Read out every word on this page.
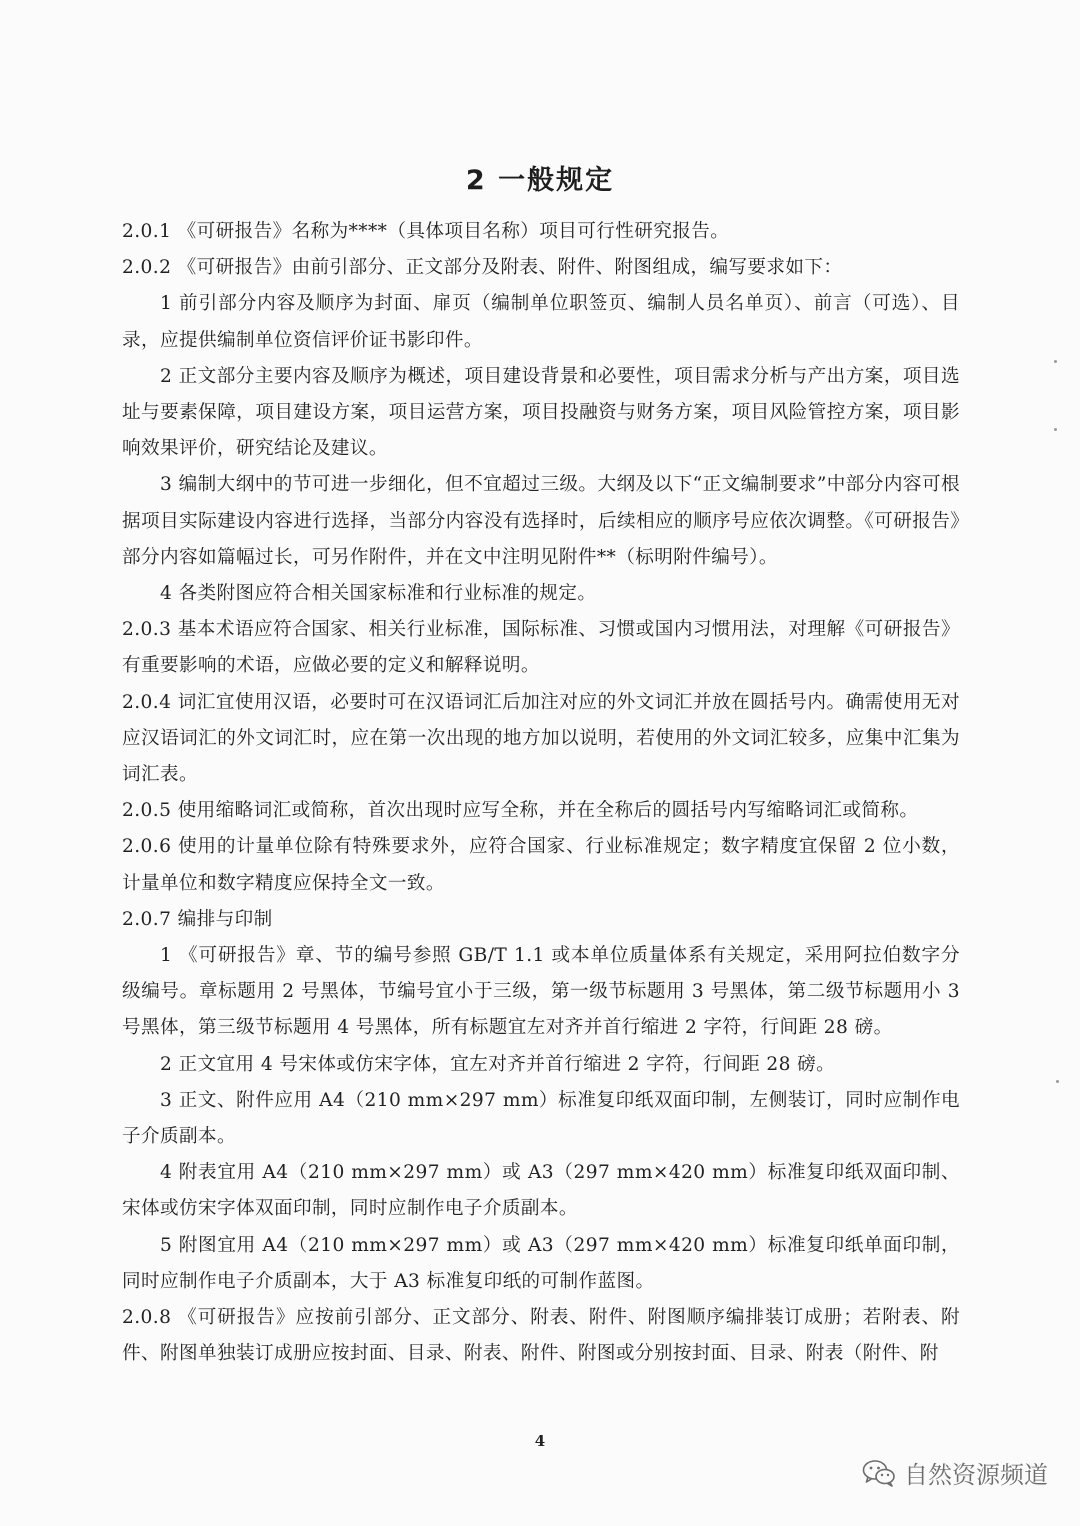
2 一般规定

2.0.1 《可研报告》名称为****（具体项目名称）项目可行性研究报告。

2.0.2 《可研报告》由前引部分、正文部分及附表、附件、附图组成，编写要求如下：

1 前引部分内容及顺序为封面、扉页（编制单位职签页、编制人员名单页）、前言（可选）、目录，应提供编制单位资信评价证书影印件。

2 正文部分主要内容及顺序为概述，项目建设背景和必要性，项目需求分析与产出方案，项目选址与要素保障，项目建设方案，项目运营方案，项目投融资与财务方案，项目风险管控方案，项目影响效果评价，研究结论及建议。

3 编制大纲中的节可进一步细化，但不宜超过三级。大纲及以下“正文编制要求”中部分内容可根据项目实际建设内容进行选择，当部分内容没有选择时，后续相应的顺序号应依次调整。《可研报告》部分内容如篇幅过长，可另作附件，并在文中注明见附件**（标明附件编号）。

4 各类附图应符合相关国家标准和行业标准的规定。

2.0.3 基本术语应符合国家、相关行业标准，国际标准、习惯或国内习惯用法，对理解《可研报告》有重要影响的术语，应做必要的定义和解释说明。

2.0.4 词汇宜使用汉语，必要时可在汉语词汇后加注对应的外文词汇并放在圆括号内。确需使用无对应汉语词汇的外文词汇时，应在第一次出现的地方加以说明，若使用的外文词汇较多，应集中汇集为词汇表。

2.0.5 使用缩略词汇或简称，首次出现时应写全称，并在全称后的圆括号内写缩略词汇或简称。

2.0.6 使用的计量单位除有特殊要求外，应符合国家、行业标准规定；数字精度宜保留 2 位小数，计量单位和数字精度应保持全文一致。

2.0.7 编排与印制

1 《可研报告》章、节的编号参照 GB/T 1.1 或本单位质量体系有关规定，采用阿拉伯数字分级编号。章标题用 2 号黑体，节编号宜小于三级，第一级节标题用 3 号黑体，第二级节标题用小 3 号黑体，第三级节标题用 4 号黑体，所有标题宜左对齐并首行缩进 2 字符，行间距 28 磅。

2 正文宜用 4 号宋体或仿宋字体，宜左对齐并首行缩进 2 字符，行间距 28 磅。

3 正文、附件应用 A4（210 mm×297 mm）标准复印纸双面印制，左侧装订，同时应制作电子介质副本。

4 附表宜用 A4（210 mm×297 mm）或 A3（297 mm×420 mm）标准复印纸双面印制、宋体或仿宋字体双面印制，同时应制作电子介质副本。

5 附图宜用 A4（210 mm×297 mm）或 A3（297 mm×420 mm）标准复印纸单面印制，同时应制作电子介质副本，大于 A3 标准复印纸的可制作蓝图。

2.0.8 《可研报告》应按前引部分、正文部分、附表、附件、附图顺序编排装订成册；若附表、附件、附图单独装订成册应按封面、目录、附表、附件、附图或分别按封面、目录、附表（附件、附

4
自然资源频道
